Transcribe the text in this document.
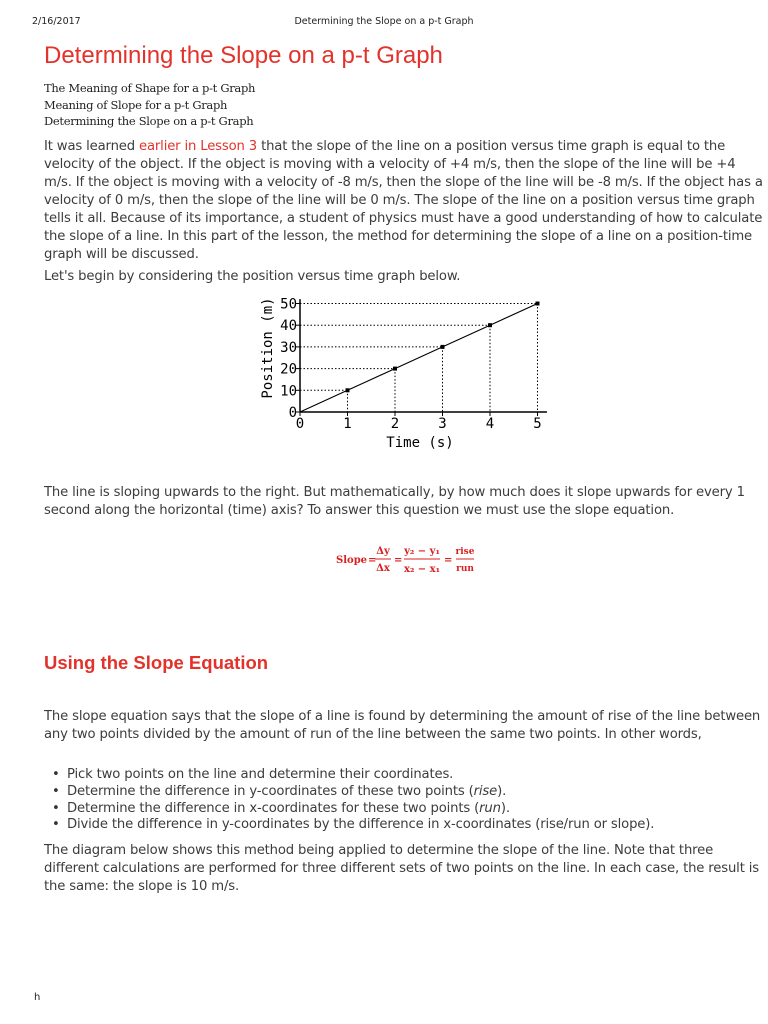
2/16/2017	Determining the Slope on a p-t Graph
Determining the Slope on a p-t Graph
The Meaning of Shape for a p-t Graph
Meaning of Slope for a p-t Graph
Determining the Slope on a p-t Graph

It was learned earlier in Lesson 3 that the slope of the line on a position versus time graph is equal to the velocity of the object. If the object is moving with a velocity of +4 m/s, then the slope of the line will be +4 m/s. If the object is moving with a velocity of -8 m/s, then the slope of the line will be -8 m/s. If the object has a velocity of 0 m/s, then the slope of the line will be 0 m/s. The slope of the line on a position versus time graph tells it all. Because of its importance, a student of physics must have a good understanding of how to calculate the slope of a line. In this part of the lesson, the method for determining the slope of a line on a position-time graph will be discussed.

Let's begin by considering the position versus time graph below.

0	1	2	3	4	5
0
10
20
30
40
50
Time (s)
Position (m)

The line is sloping upwards to the right. But mathematically, by how much does it slope upwards for every 1 second along the horizontal (time) axis? To answer this question we must use the slope equation.

Slope =
Δy
Δx
=
y₂ − y₁
x₂ − x₁
=
rise
run
Using the Slope Equation

The slope equation says that the slope of a line is found by determining the amount of rise of the line between any two points divided by the amount of run of the line between the same two points. In other words,

• Pick two points on the line and determine their coordinates.
• Determine the difference in y-coordinates of these two points (rise).
• Determine the difference in x-coordinates for these two points (run).
• Divide the difference in y-coordinates by the difference in x-coordinates (rise/run or slope).

The diagram below shows this method being applied to determine the slope of the line. Note that three different calculations are performed for three different sets of two points on the line. In each case, the result is the same: the slope is 10 m/s.

h
